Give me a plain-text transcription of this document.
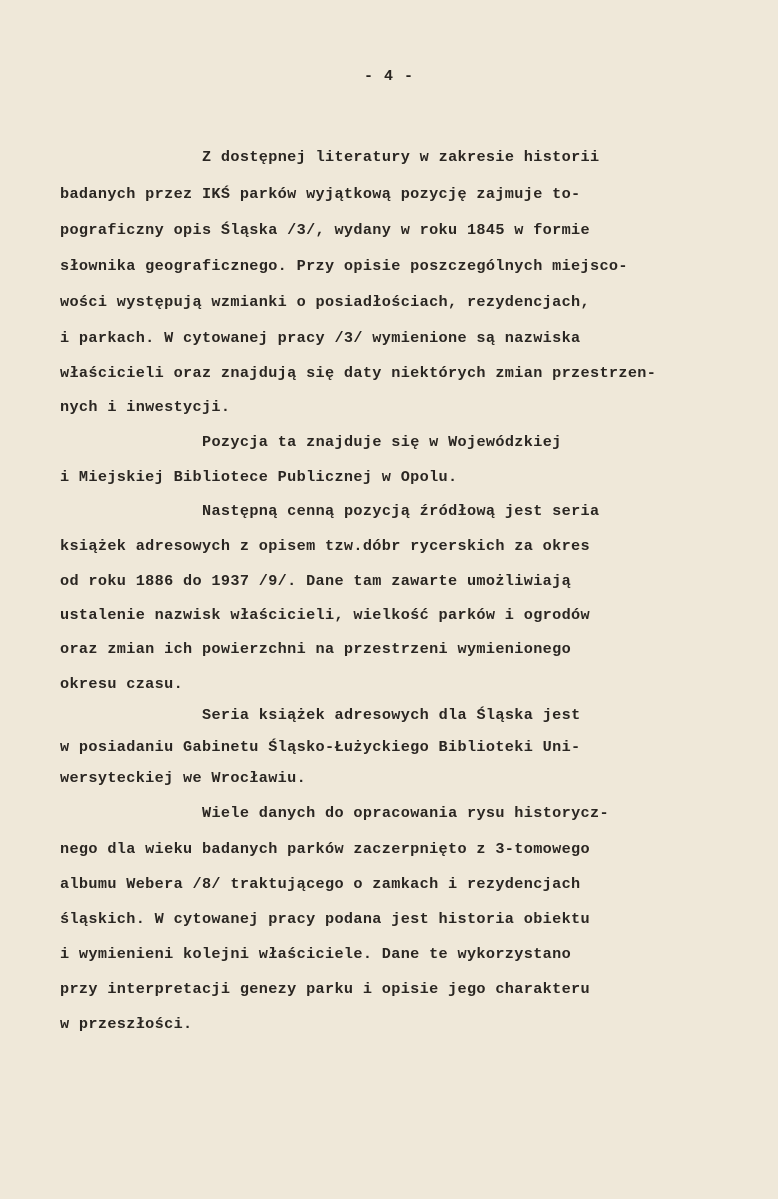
- 4 -
Z dostępnej literatury w zakresie historii
badanych przez IKŚ parków wyjątkową pozycję zajmuje to-
pograficzny opis Śląska /3/, wydany w roku 1845 w formie
słownika geograficznego. Przy opisie poszczególnych miejsco-
wości występują wzmianki o posiadłościach, rezydencjach,
i parkach. W cytowanej pracy /3/ wymienione są nazwiska
właścicieli oraz znajdują się daty niektórych zmian przestrzen-
nych i inwestycji.
Pozycja ta znajduje się w Wojewódzkiej
i Miejskiej Bibliotece Publicznej w Opolu.
Następną cenną pozycją źródłową jest seria
książek adresowych z opisem tzw.dóbr rycerskich za okres
od roku 1886 do 1937 /9/. Dane tam zawarte umożliwiają
ustalenie nazwisk właścicieli, wielkość parków i ogrodów
oraz zmian ich powierzchni na przestrzeni wymienionego
okresu czasu.
Seria książek adresowych dla Śląska jest
w posiadaniu Gabinetu Śląsko-Łużyckiego Biblioteki Uni-
wersyteckiej we Wrocławiu.
Wiele danych do opracowania rysu historycz-
nego dla wieku badanych parków zaczerpnięto z 3-tomowego
albumu Webera /8/ traktującego o zamkach i rezydencjach
śląskich. W cytowanej pracy podana jest historia obiektu
i wymienieni kolejni właściciele. Dane te wykorzystano
przy interpretacji genezy parku i opisie jego charakteru
w przeszłości.
